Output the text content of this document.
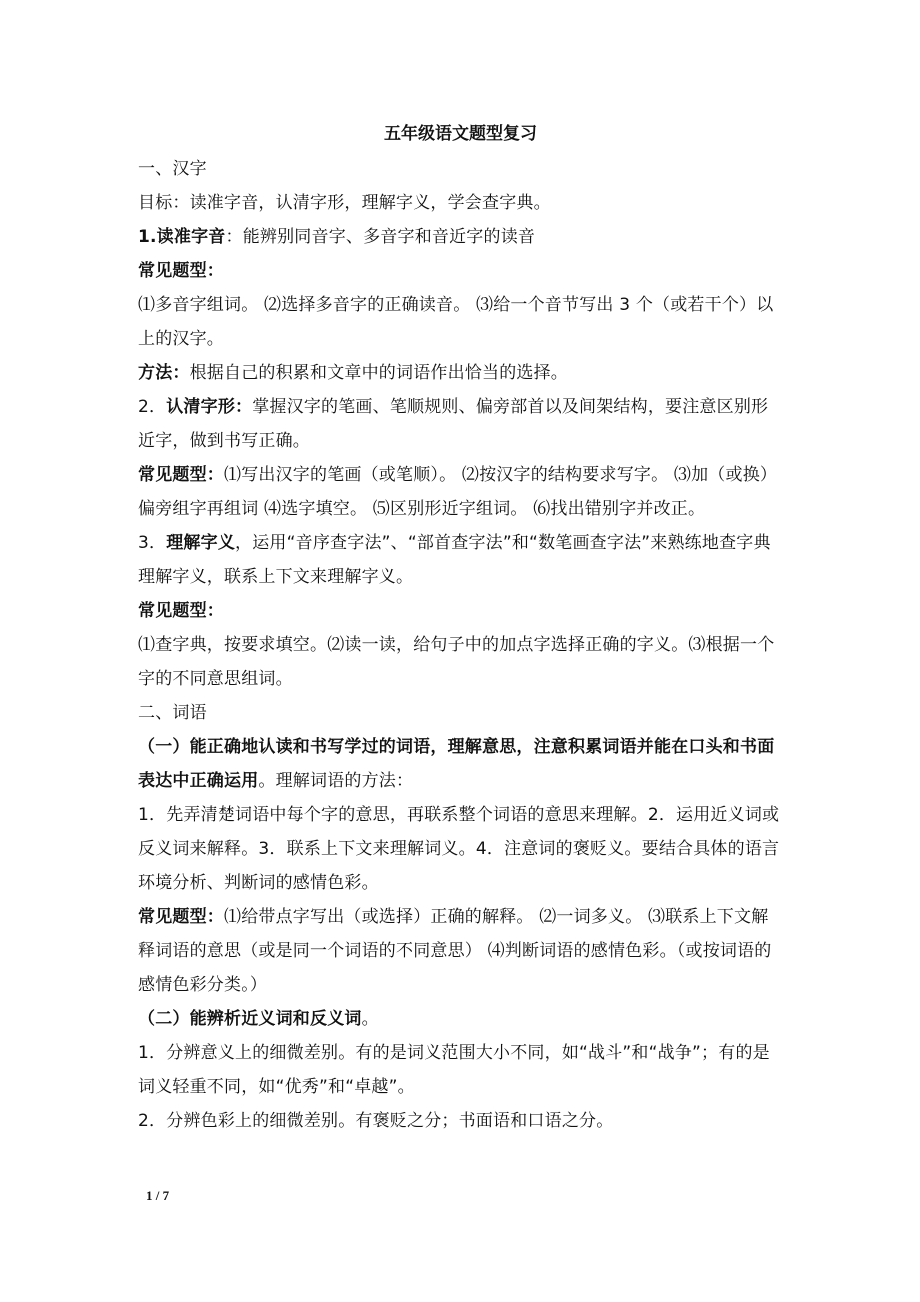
五年级语文题型复习

一、汉字

目标：读准字音，认清字形，理解字义，学会查字典。

1.读准字音：能辨别同音字、多音字和音近字的读音

常见题型：

⑴多音字组词。 ⑵选择多音字的正确读音。 ⑶给一个音节写出 3 个（或若干个）以上的汉字。

方法：根据自己的积累和文章中的词语作出恰当的选择。

2．认清字形：掌握汉字的笔画、笔顺规则、偏旁部首以及间架结构，要注意区别形近字，做到书写正确。

常见题型：⑴写出汉字的笔画（或笔顺）。 ⑵按汉字的结构要求写字。 ⑶加（或换）偏旁组字再组词 ⑷选字填空。 ⑸区别形近字组词。 ⑹找出错别字并改正。

3．理解字义，运用“音序查字法”、“部首查字法”和“数笔画查字法”来熟练地查字典理解字义，联系上下文来理解字义。

常见题型：

⑴查字典，按要求填空。⑵读一读，给句子中的加点字选择正确的字义。⑶根据一个字的不同意思组词。

二、词语

（一）能正确地认读和书写学过的词语，理解意思，注意积累词语并能在口头和书面表达中正确运用。理解词语的方法：

1．先弄清楚词语中每个字的意思，再联系整个词语的意思来理解。2．运用近义词或反义词来解释。3．联系上下文来理解词义。4．注意词的褒贬义。要结合具体的语言环境分析、判断词的感情色彩。

常见题型：⑴给带点字写出（或选择）正确的解释。 ⑵一词多义。 ⑶联系上下文解释词语的意思（或是同一个词语的不同意思） ⑷判断词语的感情色彩。（或按词语的感情色彩分类。）

（二）能辨析近义词和反义词。

1．分辨意义上的细微差别。有的是词义范围大小不同，如“战斗”和“战争”；有的是词义轻重不同，如“优秀”和“卓越”。

2．分辨色彩上的细微差别。有褒贬之分；书面语和口语之分。

1 / 7
